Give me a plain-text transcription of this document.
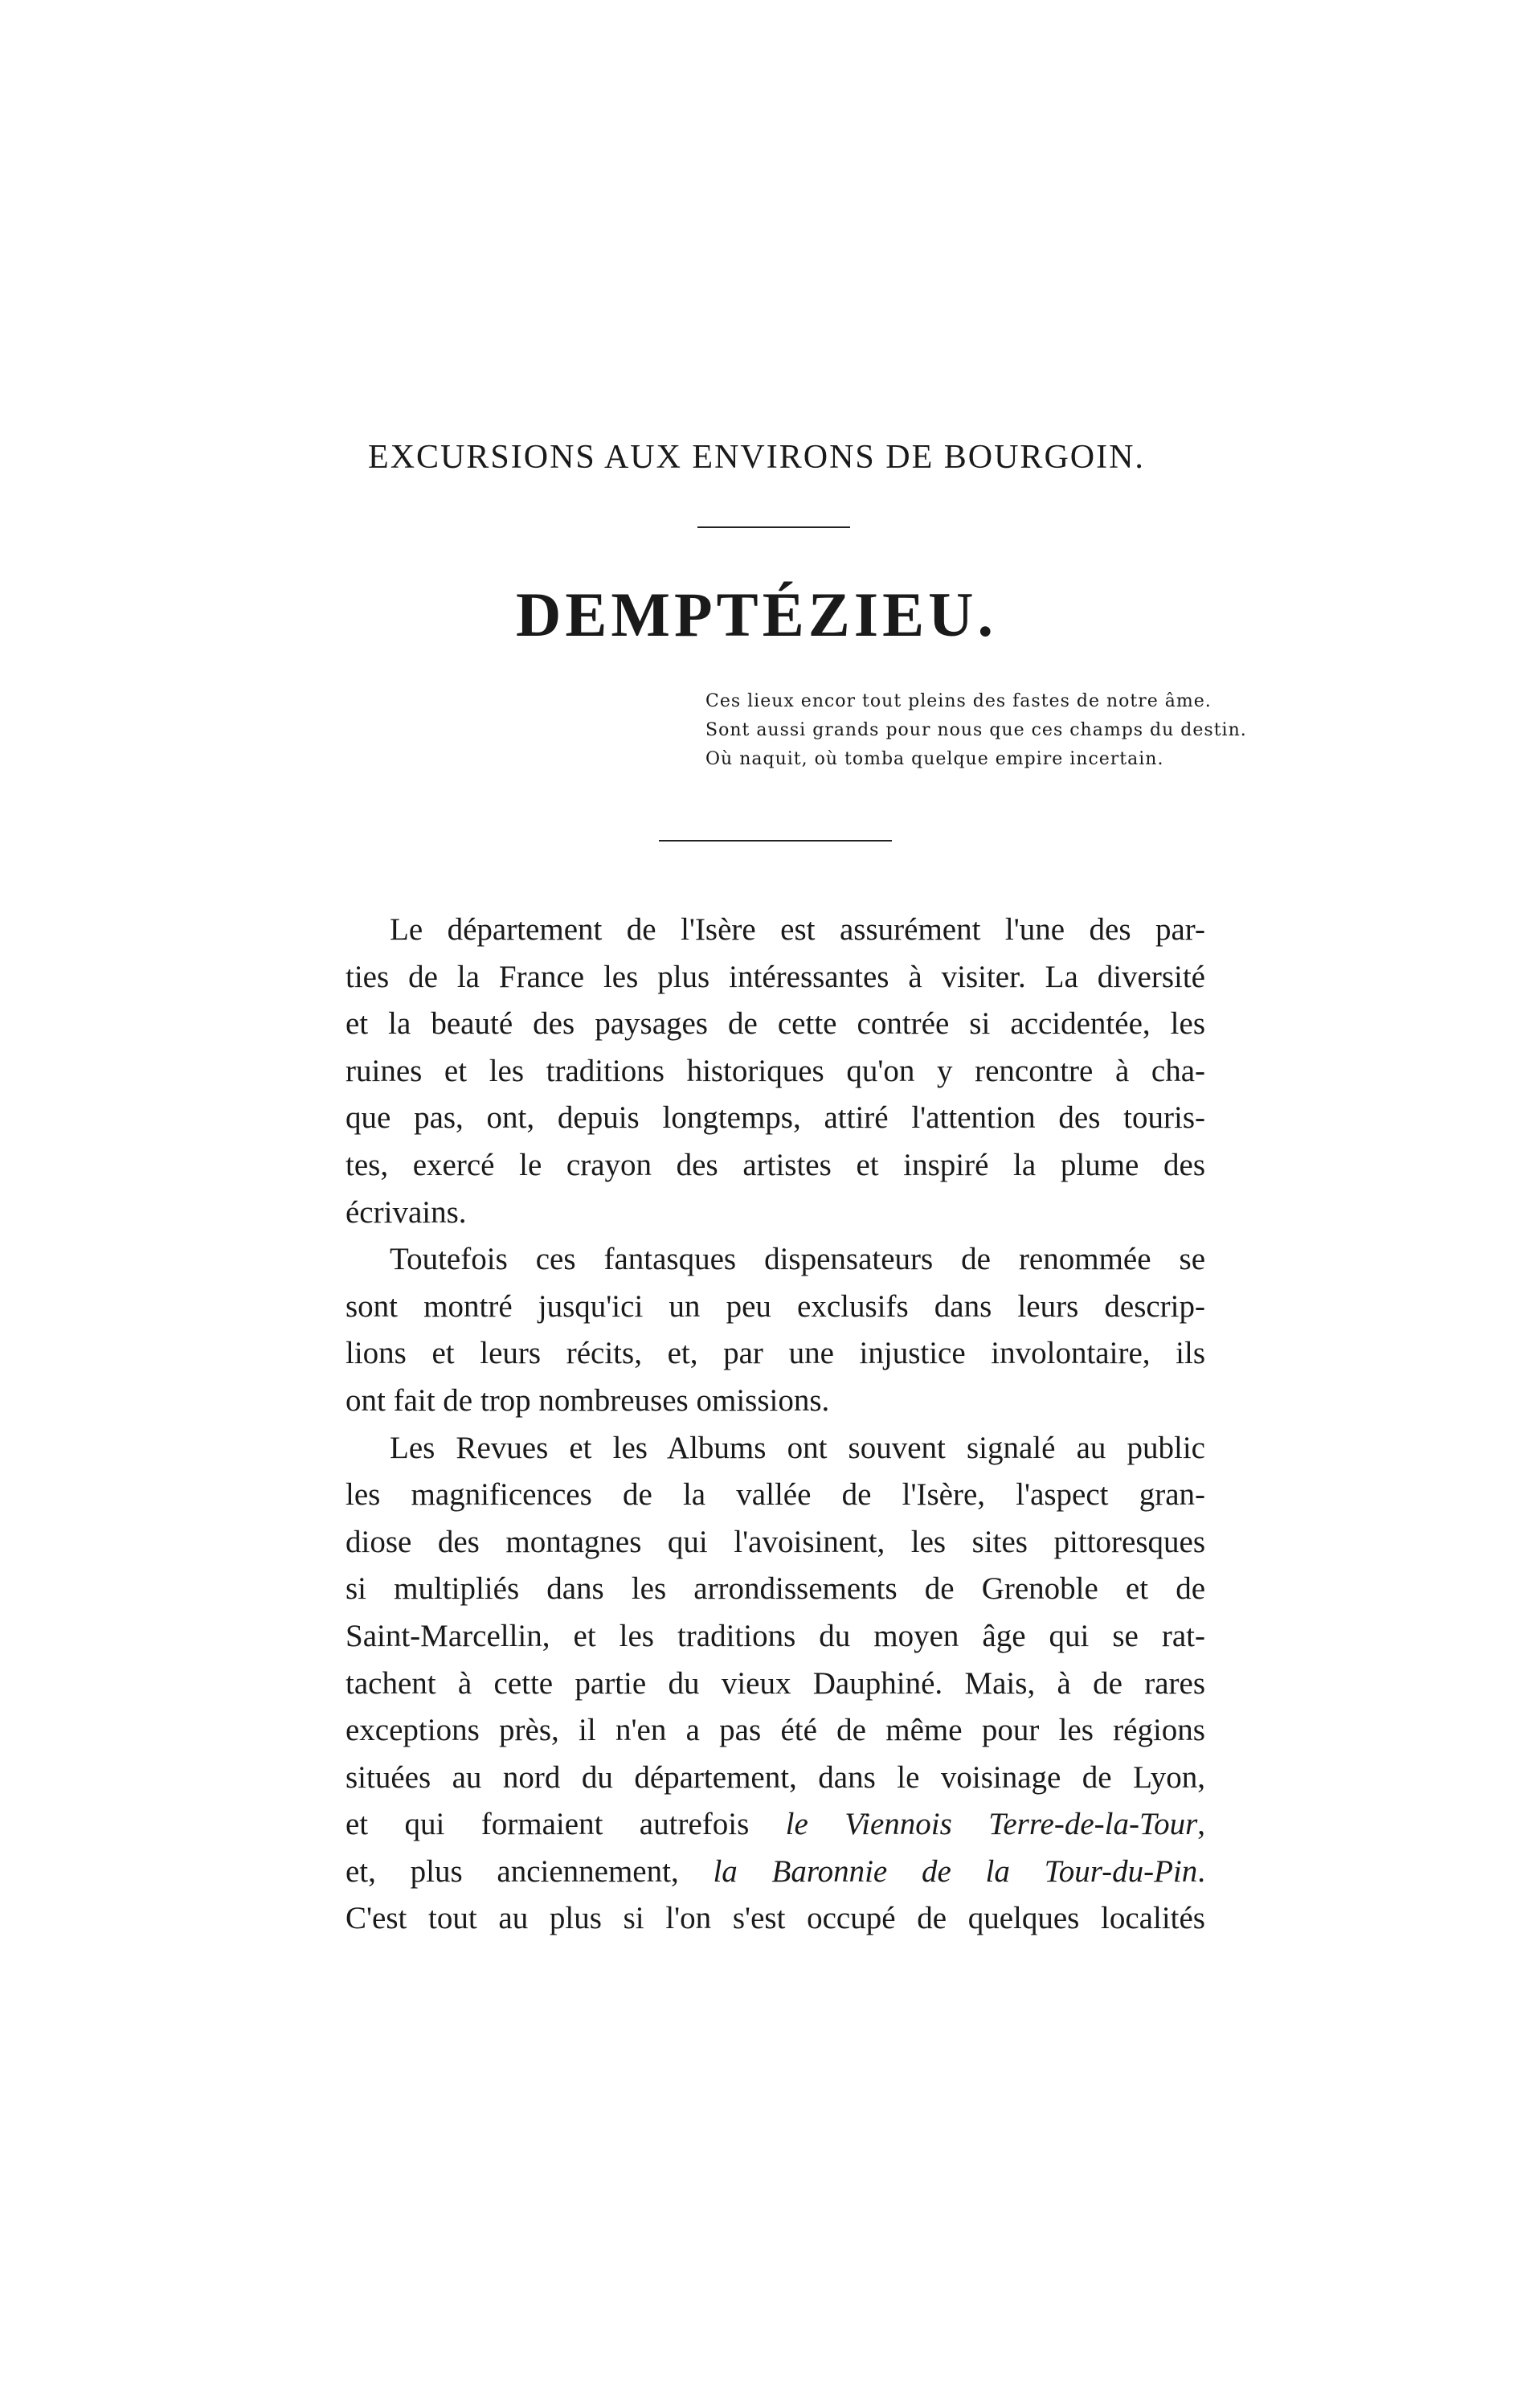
EXCURSIONS AUX ENVIRONS DE BOURGOIN.
DEMPTÉZIEU.
Ces lieux encor tout pleins des fastes de notre âme.
Sont aussi grands pour nous que ces champs du destin.
Où naquit, où tomba quelque empire incertain.
Le département de l'Isère est assurément l'une des par-
ties de la France les plus intéressantes à visiter. La diversité
et la beauté des paysages de cette contrée si accidentée, les
ruines et les traditions historiques qu'on y rencontre à cha-
que pas, ont, depuis longtemps, attiré l'attention des touris-
tes, exercé le crayon des artistes et inspiré la plume des
écrivains.
Toutefois ces fantasques dispensateurs de renommée se
sont montré jusqu'ici un peu exclusifs dans leurs descrip-
lions et leurs récits, et, par une injustice involontaire, ils
ont fait de trop nombreuses omissions.
Les Revues et les Albums ont souvent signalé au public
les magnificences de la vallée de l'Isère, l'aspect gran-
diose des montagnes qui l'avoisinent, les sites pittoresques
si multipliés dans les arrondissements de Grenoble et de
Saint-Marcellin, et les traditions du moyen âge qui se rat-
tachent à cette partie du vieux Dauphiné. Mais, à de rares
exceptions près, il n'en a pas été de même pour les régions
situées au nord du département, dans le voisinage de Lyon,
et qui formaient autrefois le Viennois Terre-de-la-Tour,
et, plus anciennement, la Baronnie de la Tour-du-Pin.
C'est tout au plus si l'on s'est occupé de quelques localités
